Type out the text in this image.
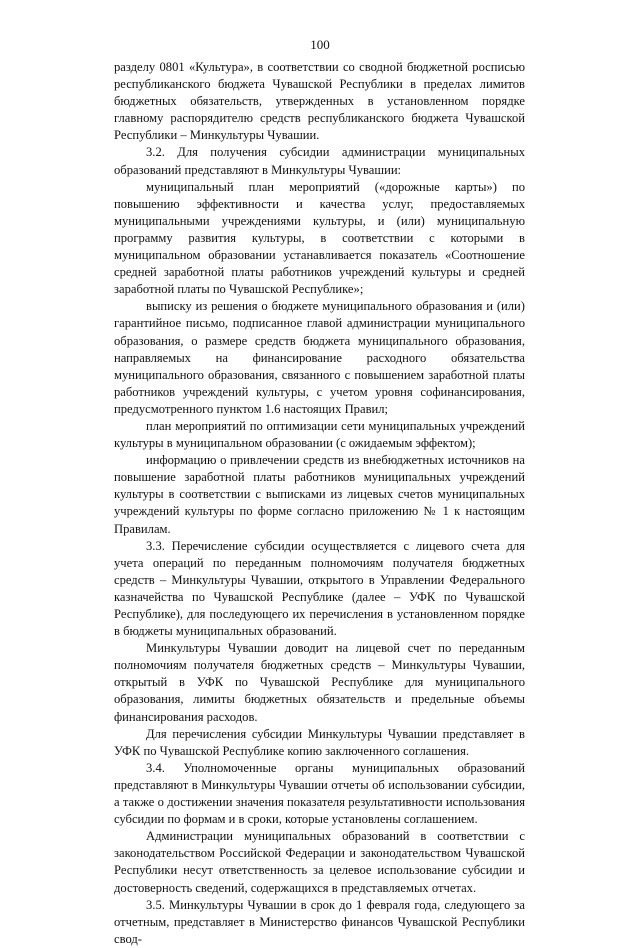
100

разделу 0801 «Культура», в соответствии со сводной бюджетной росписью республиканского бюджета Чувашской Республики в пределах лимитов бюджетных обязательств, утвержденных в установленном порядке главному распорядителю средств республиканского бюджета Чувашской Республики – Минкультуры Чувашии.

3.2. Для получения субсидии администрации муниципальных образований представляют в Минкультуры Чувашии:

муниципальный план мероприятий («дорожные карты») по повышению эффективности и качества услуг, предоставляемых муниципальными учреждениями культуры, и (или) муниципальную программу развития культуры, в соответствии с которыми в муниципальном образовании устанавливается показатель «Соотношение средней заработной платы работников учреждений культуры и средней заработной платы по Чувашской Республике»;

выписку из решения о бюджете муниципального образования и (или) гарантийное письмо, подписанное главой администрации муниципального образования, о размере средств бюджета муниципального образования, направляемых на финансирование расходного обязательства муниципального образования, связанного с повышением заработной платы работников учреждений культуры, с учетом уровня софинансирования, предусмотренного пунктом 1.6 настоящих Правил;

план мероприятий по оптимизации сети муниципальных учреждений культуры в муниципальном образовании (с ожидаемым эффектом);

информацию о привлечении средств из внебюджетных источников на повышение заработной платы работников муниципальных учреждений культуры в соответствии с выписками из лицевых счетов муниципальных учреждений культуры по форме согласно приложению № 1 к настоящим Правилам.

3.3. Перечисление субсидии осуществляется с лицевого счета для учета операций по переданным полномочиям получателя бюджетных средств – Минкультуры Чувашии, открытого в Управлении Федерального казначейства по Чувашской Республике (далее – УФК по Чувашской Республике), для последующего их перечисления в установленном порядке в бюджеты муниципальных образований.

Минкультуры Чувашии доводит на лицевой счет по переданным полномочиям получателя бюджетных средств – Минкультуры Чувашии, открытый в УФК по Чувашской Республике для муниципального образования, лимиты бюджетных обязательств и предельные объемы финансирования расходов.

Для перечисления субсидии Минкультуры Чувашии представляет в УФК по Чувашской Республике копию заключенного соглашения.

3.4. Уполномоченные органы муниципальных образований представляют в Минкультуры Чувашии отчеты об использовании субсидии, а также о достижении значения показателя результативности использования субсидии по формам и в сроки, которые установлены соглашением.

Администрации муниципальных образований в соответствии с законодательством Российской Федерации и законодательством Чувашской Республики несут ответственность за целевое использование субсидии и достоверность сведений, содержащихся в представляемых отчетах.

3.5. Минкультуры Чувашии в срок до 1 февраля года, следующего за отчетным, представляет в Министерство финансов Чувашской Республики свод-
